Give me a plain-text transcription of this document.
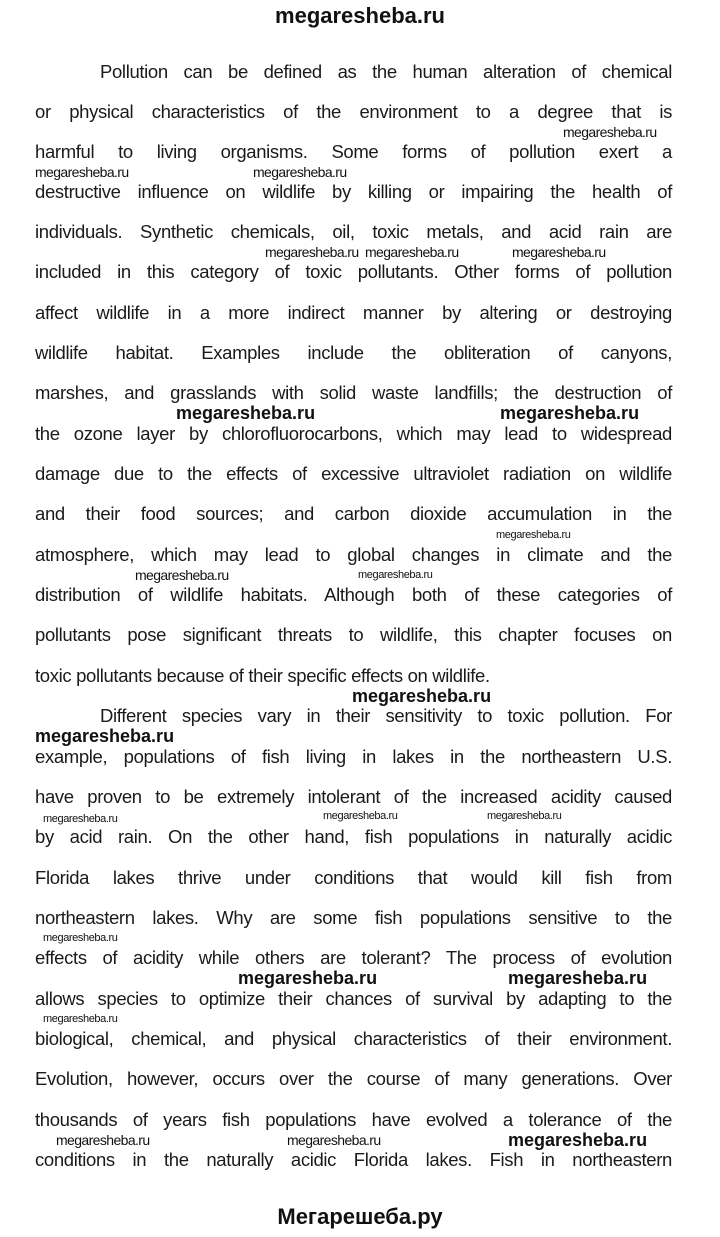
megaresheba.ru
Pollution can be defined as the human alteration of chemical
or physical characteristics of the environment to a degree that is
harmful to living organisms. Some forms of pollution exert a
destructive influence on wildlife by killing or impairing the health of
individuals. Synthetic chemicals, oil, toxic metals, and acid rain are
included in this category of toxic pollutants. Other forms of pollution
affect wildlife in a more indirect manner by altering or destroying
wildlife habitat. Examples include the obliteration of canyons,
marshes, and grasslands with solid waste landfills; the destruction of
the ozone layer by chlorofluorocarbons, which may lead to widespread
damage due to the effects of excessive ultraviolet radiation on wildlife
and their food sources; and carbon dioxide accumulation in the
atmosphere, which may lead to global changes in climate and the
distribution of wildlife habitats. Although both of these categories of
pollutants pose significant threats to wildlife, this chapter focuses on
toxic pollutants because of their specific effects on wildlife.
Different species vary in their sensitivity to toxic pollution. For
example, populations of fish living in lakes in the northeastern U.S.
have proven to be extremely intolerant of the increased acidity caused
by acid rain. On the other hand, fish populations in naturally acidic
Florida lakes thrive under conditions that would kill fish from
northeastern lakes. Why are some fish populations sensitive to the
effects of acidity while others are tolerant? The process of evolution
allows species to optimize their chances of survival by adapting to the
biological, chemical, and physical characteristics of their environment.
Evolution, however, occurs over the course of many generations. Over
thousands of years fish populations have evolved a tolerance of the
conditions in the naturally acidic Florida lakes. Fish in northeastern
megaresheba.ru
megaresheba.ru	megaresheba.ru
megaresheba.ru megaresheba.ru	megaresheba.ru
megaresheba.ru	megaresheba.ru
megaresheba.ru
megaresheba.ru	megaresheba.ru
megaresheba.ru
megaresheba.ru
megaresheba.ru	megaresheba.ru
megaresheba.ru
megaresheba.ru
megaresheba.ru	megaresheba.ru
megaresheba.ru
megaresheba.ru	megaresheba.ru	megaresheba.ru
Мегарешеба.ру
